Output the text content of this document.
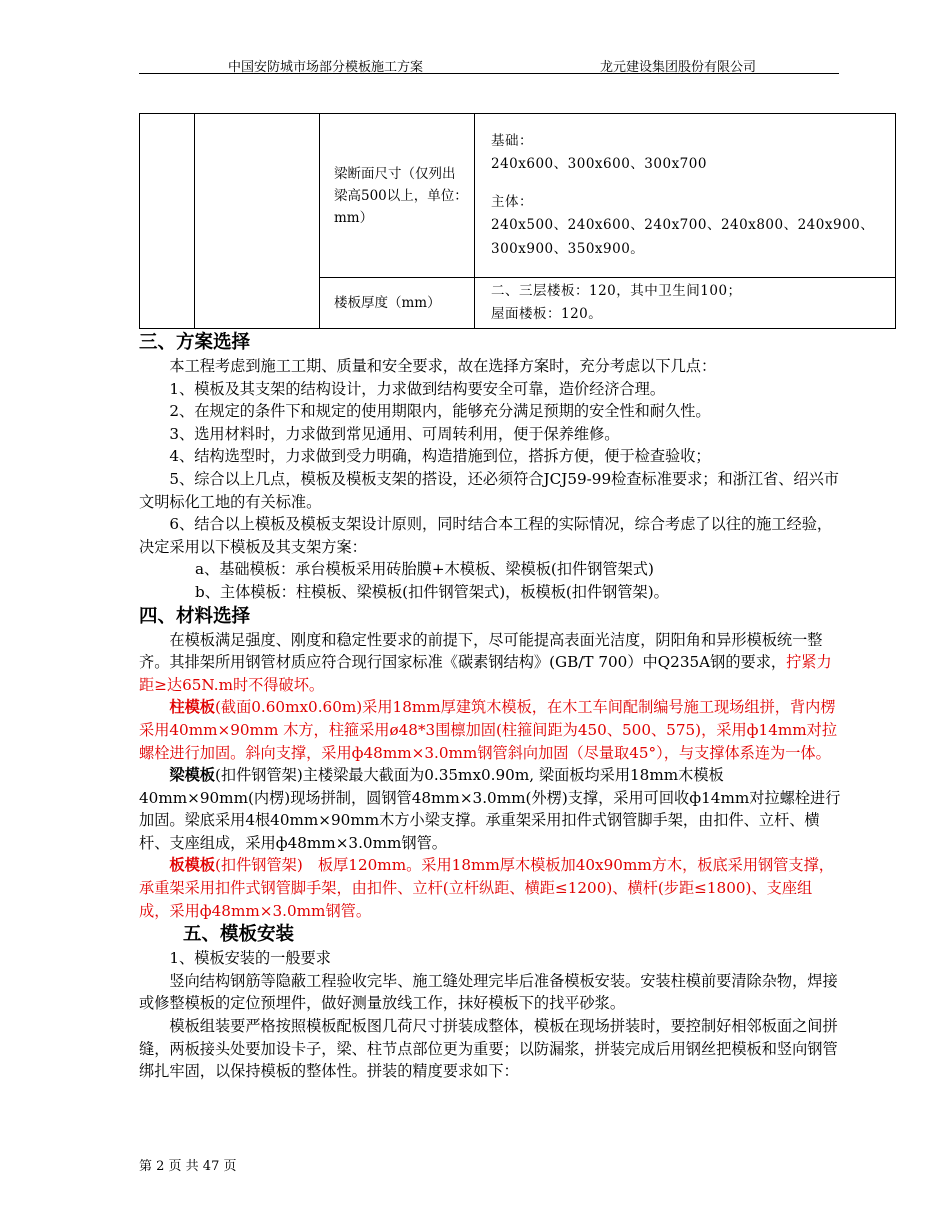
中国安防城市场部分模板施工方案	龙元建设集团股份有限公司
		梁断面尺寸（仅列出梁高500以上，单位：mm）	基础：
240x600、300x600、300x700
主体：
240x500、240x600、240x700、240x800、240x900、300x900、350x900。

		楼板厚度（mm）	二、三层楼板：120，其中卫生间100；
屋面楼板：120。

三、方案选择

本工程考虑到施工工期、质量和安全要求，故在选择方案时，充分考虑以下几点：

1、模板及其支架的结构设计，力求做到结构要安全可靠，造价经济合理。

2、在规定的条件下和规定的使用期限内，能够充分满足预期的安全性和耐久性。

3、选用材料时，力求做到常见通用、可周转利用，便于保养维修。

4、结构选型时，力求做到受力明确，构造措施到位，搭拆方便，便于检查验收；

5、综合以上几点，模板及模板支架的搭设，还必须符合JCJ59-99检查标准要求；和浙江省、绍兴市文明标化工地的有关标准。

6、结合以上模板及模板支架设计原则，同时结合本工程的实际情况，综合考虑了以往的施工经验，决定采用以下模板及其支架方案：

a、基础模板：承台模板采用砖胎膜+木模板、梁模板(扣件钢管架式)

b、主体模板：柱模板、梁模板(扣件钢管架式)，板模板(扣件钢管架)。

四、材料选择

在模板满足强度、刚度和稳定性要求的前提下，尽可能提高表面光洁度，阴阳角和异形模板统一整齐。其排架所用钢管材质应符合现行国家标准《碳素钢结构》(GB/T 700）中Q235A钢的要求，拧紧力距≥达65N.m时不得破坏。

柱模板(截面0.60mx0.60m)采用18mm厚建筑木模板，在木工车间配制编号施工现场组拼，背内楞采用40mm×90mm 木方，柱箍采用ø48*3围檩加固(柱箍间距为450、500、575)，采用ф14mm对拉螺栓进行加固。斜向支撑，采用ф48mm×3.0mm钢管斜向加固（尽量取45°），与支撑体系连为一体。

梁模板(扣件钢管架)主楼梁最大截面为0.35mx0.90m, 梁面板均采用18mm木模板40mm×90mm(内楞)现场拼制，圆钢管48mm×3.0mm(外楞)支撑，采用可回收ф14mm对拉螺栓进行加固。梁底采用4根40mm×90mm木方小梁支撑。承重架采用扣件式钢管脚手架，由扣件、立杆、横杆、支座组成，采用ф48mm×3.0mm钢管。

板模板(扣件钢管架)　板厚120mm。采用18mm厚木模板加40x90mm方木，板底采用钢管支撑，承重架采用扣件式钢管脚手架，由扣件、立杆(立杆纵距、横距≤1200)、横杆(步距≤1800)、支座组成，采用ф48mm×3.0mm钢管。

五、模板安装

1、模板安装的一般要求

竖向结构钢筋等隐蔽工程验收完毕、施工缝处理完毕后准备模板安装。安装柱模前要清除杂物，焊接或修整模板的定位预埋件，做好测量放线工作，抹好模板下的找平砂浆。

模板组装要严格按照模板配板图几荷尺寸拼装成整体，模板在现场拼装时，要控制好相邻板面之间拼缝，两板接头处要加设卡子，梁、柱节点部位更为重要；以防漏浆，拼装完成后用钢丝把模板和竖向钢管绑扎牢固，以保持模板的整体性。拼装的精度要求如下：

第 2 页 共 47 页
